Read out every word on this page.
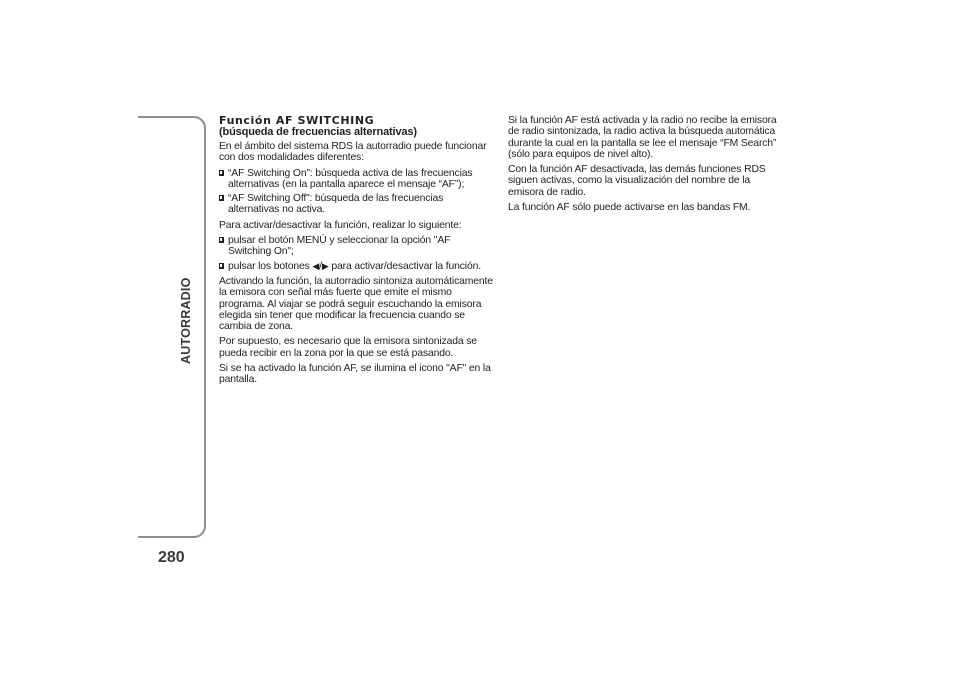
AUTORRADIO
280
Función AF SWITCHING
(búsqueda de frecuencias alternativas)

En el ámbito del sistema RDS la autorradio puede funcionar con dos modalidades diferentes:

“AF Switching On”: búsqueda activa de las frecuencias alternativas (en la pantalla aparece el mensaje “AF”);
“AF Switching Off”: búsqueda de las frecuencias alternativas no activa.

Para activar/desactivar la función, realizar lo siguiente:

pulsar el botón MENÚ y seleccionar la opción "AF Switching On";
pulsar los botones ◀/▶ para activar/desactivar la función.

Activando la función, la autorradio sintoniza automáticamente la emisora con señal más fuerte que emite el mismo programa. Al viajar se podrá seguir escuchando la emisora elegida sin tener que modificar la frecuencia cuando se cambia de zona.

Por supuesto, es necesario que la emisora sintonizada se pueda recibir en la zona por la que se está pasando.

Si se ha activado la función AF, se ilumina el icono "AF" en la pantalla.

Si la función AF está activada y la radio no recibe la emisora de radio sintonizada, la radio activa la búsqueda automática durante la cual en la pantalla se lee el mensaje “FM Search” (sólo para equipos de nivel alto).

Con la función AF desactivada, las demás funciones RDS siguen activas, como la visualización del nombre de la emisora de radio.

La función AF sólo puede activarse en las bandas FM.
